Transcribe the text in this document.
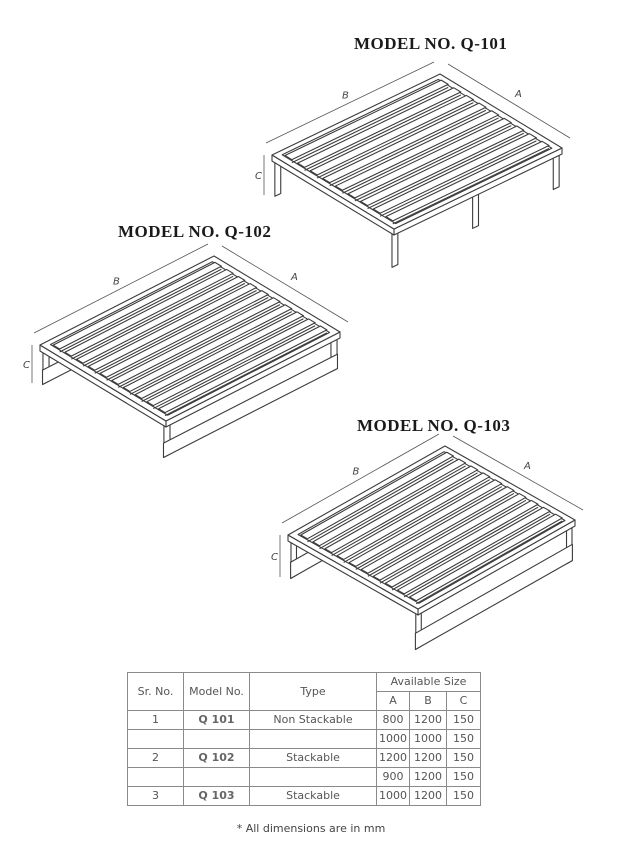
MODEL NO. Q-101
MODEL NO. Q-102
MODEL NO. Q-103
A
B
C
A
B
C
A
B
C
Sr. No.	Model No.	Type	Available Size		
			A	B	C
1	Q 101	Non Stackable	800	1200	150
			1000	1000	150
2	Q 102	Stackable	1200	1200	150
			900	1200	150
3	Q 103	Stackable	1000	1200	150
* All dimensions are in mm
